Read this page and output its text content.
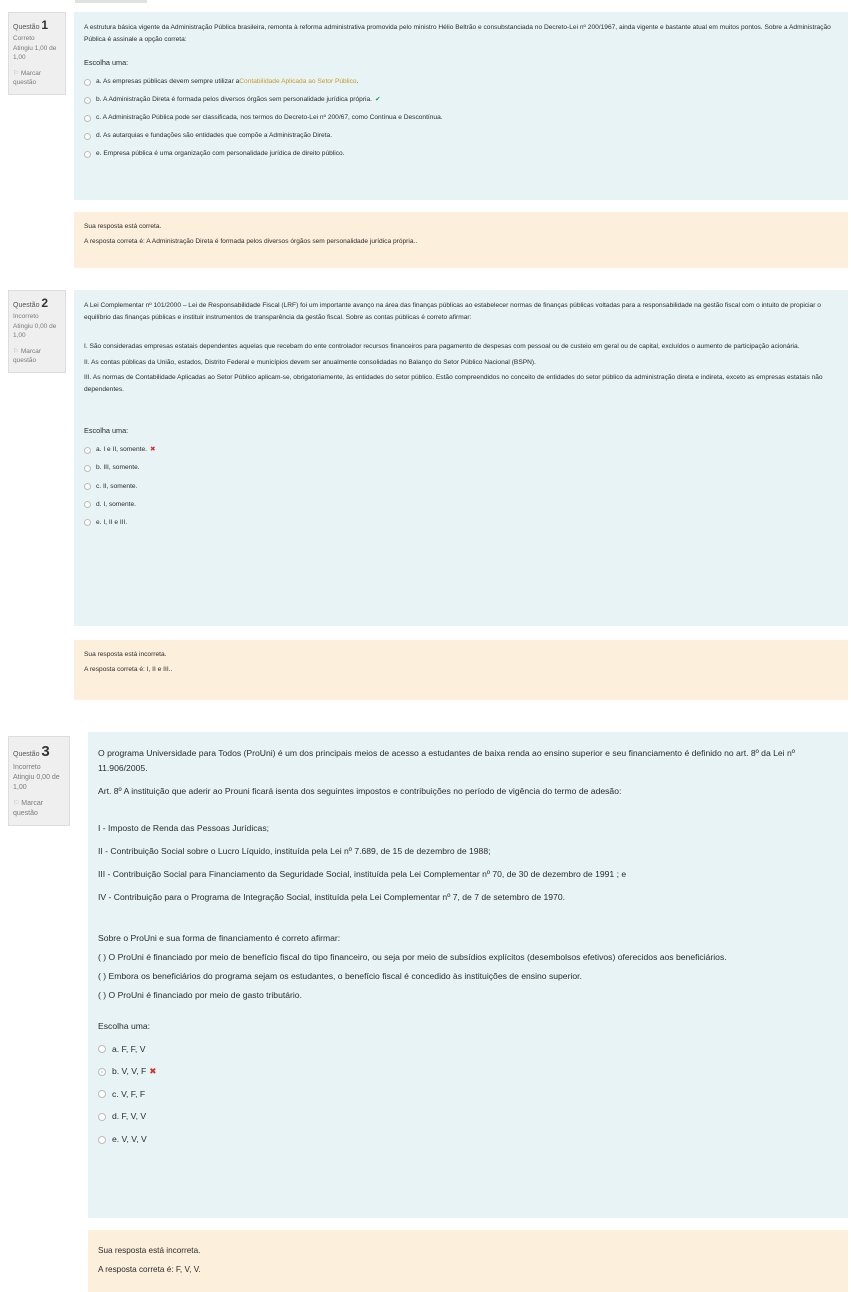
Questão 1
Correto
Atingiu 1,00 de 1,00
⚐ Marcar questão

A estrutura básica vigente da Administração Pública brasileira, remonta à reforma administrativa promovida pelo ministro Hélio Beltrão e consubstanciada no Decreto-Lei nº 200/1967, ainda vigente e bastante atual em muitos pontos. Sobre a Administração Pública é assinale a opção correta:

Escolha uma:
a. As empresas públicas devem sempre utilizar a Contabilidade Aplicada ao Setor Público .
b. A Administração Direta é formada pelos diversos órgãos sem personalidade jurídica própria. ✔
c. A Administração Pública pode ser classificada, nos termos do Decreto-Lei nº 200/67, como Contínua e Descontínua.
d. As autarquias e fundações são entidades que compõe a Administração Direta.
e. Empresa pública é uma organização com personalidade jurídica de direito público.
Sua resposta está correta.
A resposta correta é: A Administração Direta é formada pelos diversos órgãos sem personalidade jurídica própria..
Questão 2
Incorreto
Atingiu 0,00 de 1,00
⚐ Marcar questão

A Lei Complementar nº 101/2000 – Lei de Responsabilidade Fiscal (LRF) foi um importante avanço na área das finanças públicas ao estabelecer normas de finanças públicas voltadas para a responsabilidade na gestão fiscal com o intuito de propiciar o equilíbrio das finanças públicas e instituir instrumentos de transparência da gestão fiscal. Sobre as contas públicas é correto afirmar:

I. São consideradas empresas estatais dependentes aquelas que recebam do ente controlador recursos financeiros para pagamento de despesas com pessoal ou de custeio em geral ou de capital, excluídos o aumento de participação acionária.

II. As contas públicas da União, estados, Distrito Federal e municípios devem ser anualmente consolidadas no Balanço do Setor Público Nacional (BSPN).

III. As normas de Contabilidade Aplicadas ao Setor Público aplicam-se, obrigatoriamente, às entidades do setor público. Estão compreendidos no conceito de entidades do setor público da administração direta e indireta, exceto as empresas estatais não dependentes.

Escolha uma:
a. I e II, somente. ✖
b. III, somente.
c. II, somente.
d. I, somente.
e. I, II e III.
Sua resposta está incorreta.
A resposta correta é: I, II e III..
Questão 3
Incorreto
Atingiu 0,00 de 1,00
⚐ Marcar questão

O programa Universidade para Todos (ProUni) é um dos principais meios de acesso a estudantes de baixa renda ao ensino superior e seu financiamento é definido no art. 8º da Lei nº 11.906/2005.

Art. 8º A instituição que aderir ao Prouni ficará isenta dos seguintes impostos e contribuições no período de vigência do termo de adesão:

I - Imposto de Renda das Pessoas Jurídicas;

II - Contribuição Social sobre o Lucro Líquido, instituída pela Lei nº 7.689, de 15 de dezembro de 1988;

III - Contribuição Social para Financiamento da Seguridade Social, instituída pela Lei Complementar nº 70, de 30 de dezembro de 1991 ; e

IV - Contribuição para o Programa de Integração Social, instituída pela Lei Complementar nº 7, de 7 de setembro de 1970.

Sobre o ProUni e sua forma de financiamento é correto afirmar:

( ) O ProUni é financiado por meio de benefício fiscal do tipo financeiro, ou seja por meio de subsídios explícitos (desembolsos efetivos) oferecidos aos beneficiários.

( ) Embora os beneficiários do programa sejam os estudantes, o benefício fiscal é concedido às instituições de ensino superior.

( ) O ProUni é financiado por meio de gasto tributário.

Escolha uma:
a. F, F, V
b. V, V, F ✖
c. V, F, F
d. F, V, V
e. V, V, V
Sua resposta está incorreta.
A resposta correta é: F, V, V.
